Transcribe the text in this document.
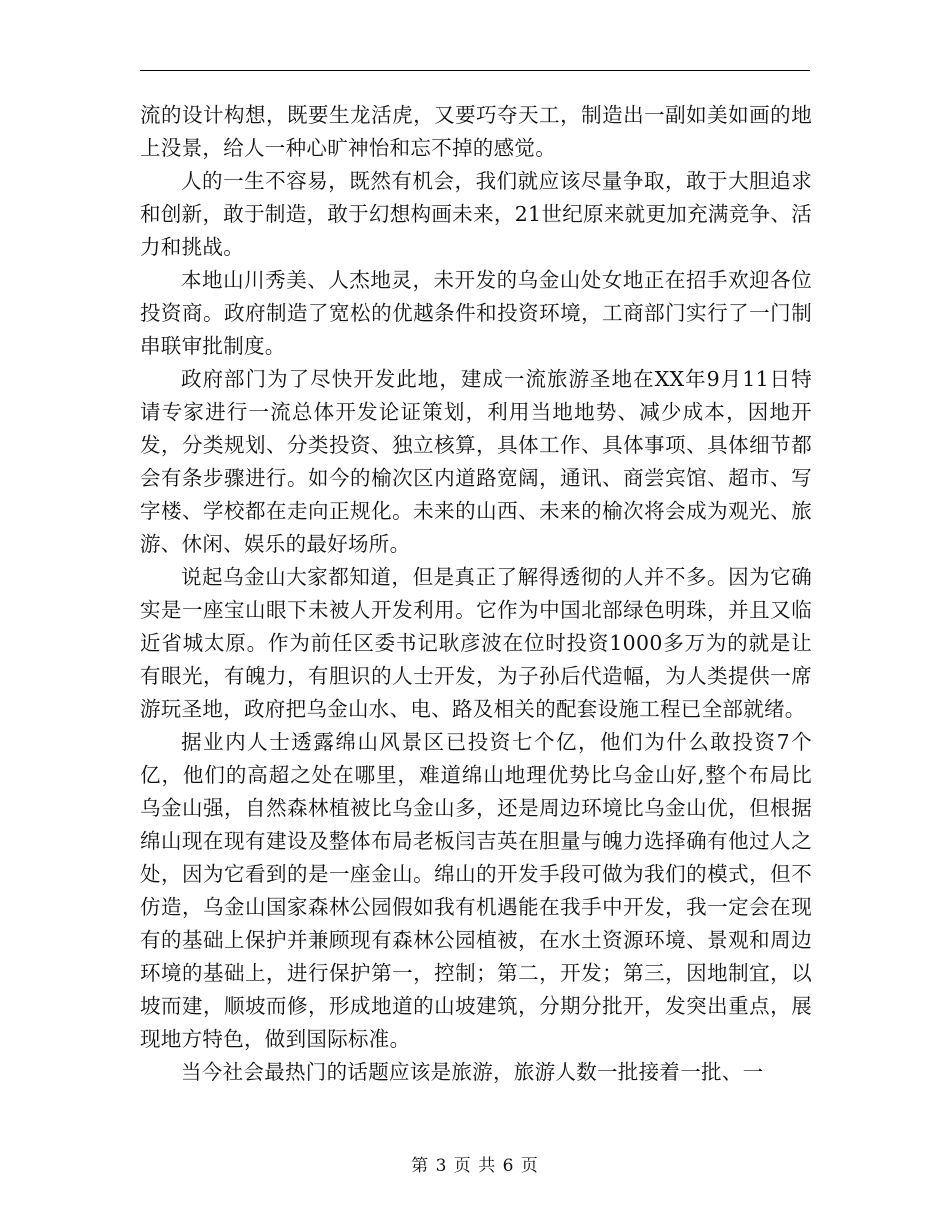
流的设计构想，既要生龙活虎，又要巧夺天工，制造出一副如美如画的地上没景，给人一种心旷神怡和忘不掉的感觉。

人的一生不容易，既然有机会，我们就应该尽量争取，敢于大胆追求和创新，敢于制造，敢于幻想构画未来，21世纪原来就更加充满竞争、活力和挑战。

本地山川秀美、人杰地灵，未开发的乌金山处女地正在招手欢迎各位投资商。政府制造了宽松的优越条件和投资环境，工商部门实行了一门制串联审批制度。

政府部门为了尽快开发此地，建成一流旅游圣地在XX年9月11日特请专家进行一流总体开发论证策划，利用当地地势、减少成本，因地开发，分类规划、分类投资、独立核算，具体工作、具体事项、具体细节都会有条步骤进行。如今的榆次区内道路宽阔，通讯、商尝宾馆、超市、写字楼、学校都在走向正规化。未来的山西、未来的榆次将会成为观光、旅游、休闲、娱乐的最好场所。

说起乌金山大家都知道，但是真正了解得透彻的人并不多。因为它确实是一座宝山眼下未被人开发利用。它作为中国北部绿色明珠，并且又临近省城太原。作为前任区委书记耿彦波在位时投资1000多万为的就是让有眼光，有魄力，有胆识的人士开发，为子孙后代造幅，为人类提供一席游玩圣地，政府把乌金山水、电、路及相关的配套设施工程已全部就绪。

据业内人士透露绵山风景区已投资七个亿，他们为什么敢投资7个亿，他们的高超之处在哪里，难道绵山地理优势比乌金山好,整个布局比乌金山强，自然森林植被比乌金山多，还是周边环境比乌金山优，但根据绵山现在现有建设及整体布局老板闫吉英在胆量与魄力选择确有他过人之处，因为它看到的是一座金山。绵山的开发手段可做为我们的模式，但不仿造，乌金山国家森林公园假如我有机遇能在我手中开发，我一定会在现有的基础上保护并兼顾现有森林公园植被，在水土资源环境、景观和周边环境的基础上，进行保护第一，控制；第二，开发；第三，因地制宜，以坡而建，顺坡而修，形成地道的山坡建筑，分期分批开，发突出重点，展现地方特色，做到国际标准。

当今社会最热门的话题应该是旅游，旅游人数一批接着一批、一

第 3 页 共 6 页
